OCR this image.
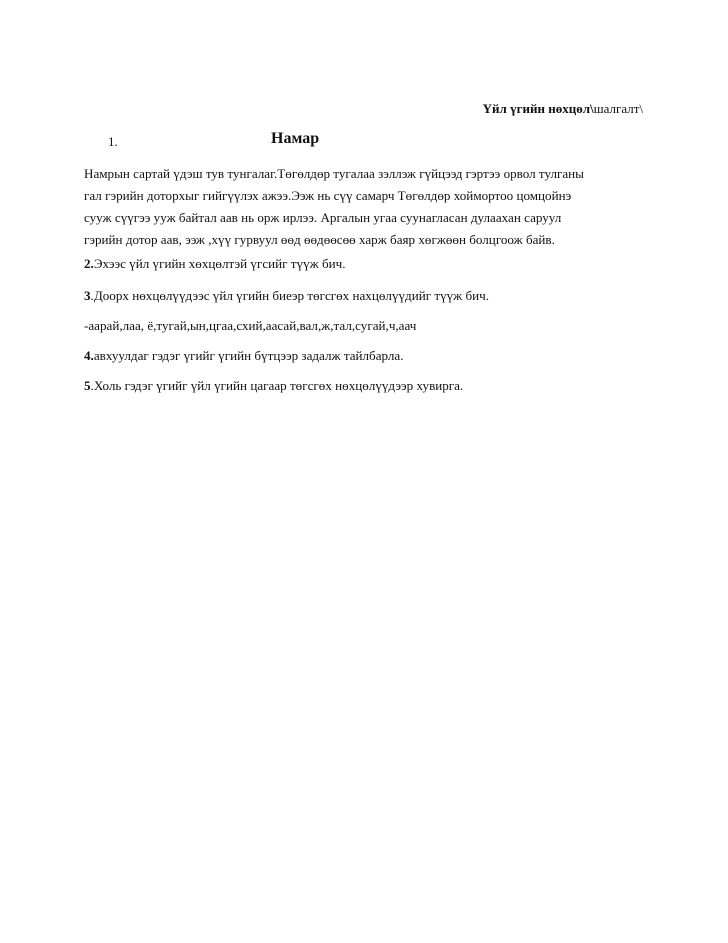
Үйл үгийн нөхцөл\шалгалт\
1.	Намар
Намрын сартай үдэш тув тунгалаг.Төгөлдөр тугалаа зэллэж гүйцээд гэртээ орвол тулганы
гал гэрийн доторхыг гийгүүлэх ажээ.Ээж нь сүү самарч Төгөлдөр хоймортоо цомцойнэ
сууж сүүгээ ууж байтал аав нь орж ирлээ. Аргалын угаа суунагласан дулаахан саруул
гэрийн дотор аав, ээж ,хүү гурвуул өөд өөдөөсөө харж баяр хөгжөөн болцгоож байв.
2.Эхээс үйл үгийн хөхцөлтэй үгсийг түүж бич.
3.Доорх нөхцөлүүдээс үйл үгийн биеэр төгсгөх нахцөлүүдийг түүж бич.
-аарай,лаа, ё,тугай,ын,цгаа,схий,аасай,вал,ж,тал,сугай,ч,аач
4.авхуулдаг гэдэг үгийг үгийн бүтцээр задалж тайлбарла.
5.Холь гэдэг үгийг үйл үгийн цагаар төгсгөх нөхцөлүүдээр хувирга.
